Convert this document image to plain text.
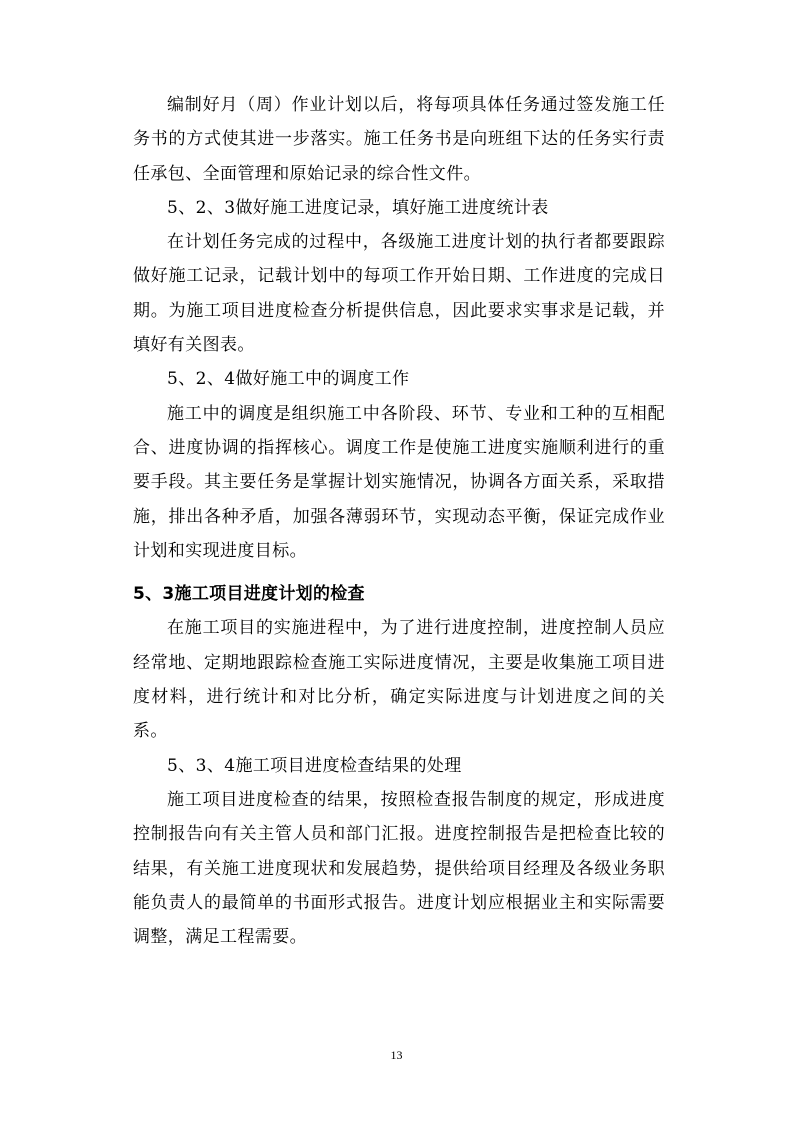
编制好月（周）作业计划以后，将每项具体任务通过签发施工任务书的方式使其进一步落实。施工任务书是向班组下达的任务实行责任承包、全面管理和原始记录的综合性文件。

5、2、3做好施工进度记录，填好施工进度统计表

在计划任务完成的过程中，各级施工进度计划的执行者都要跟踪做好施工记录，记载计划中的每项工作开始日期、工作进度的完成日期。为施工项目进度检查分析提供信息，因此要求实事求是记载，并填好有关图表。

5、2、4做好施工中的调度工作

施工中的调度是组织施工中各阶段、环节、专业和工种的互相配合、进度协调的指挥核心。调度工作是使施工进度实施顺利进行的重要手段。其主要任务是掌握计划实施情况，协调各方面关系，采取措施，排出各种矛盾，加强各薄弱环节，实现动态平衡，保证完成作业计划和实现进度目标。

5、3施工项目进度计划的检查

在施工项目的实施进程中，为了进行进度控制，进度控制人员应经常地、定期地跟踪检查施工实际进度情况，主要是收集施工项目进度材料，进行统计和对比分析，确定实际进度与计划进度之间的关系。

5、3、4施工项目进度检查结果的处理

施工项目进度检查的结果，按照检查报告制度的规定，形成进度控制报告向有关主管人员和部门汇报。进度控制报告是把检查比较的结果，有关施工进度现状和发展趋势，提供给项目经理及各级业务职能负责人的最简单的书面形式报告。进度计划应根据业主和实际需要调整，满足工程需要。

13
